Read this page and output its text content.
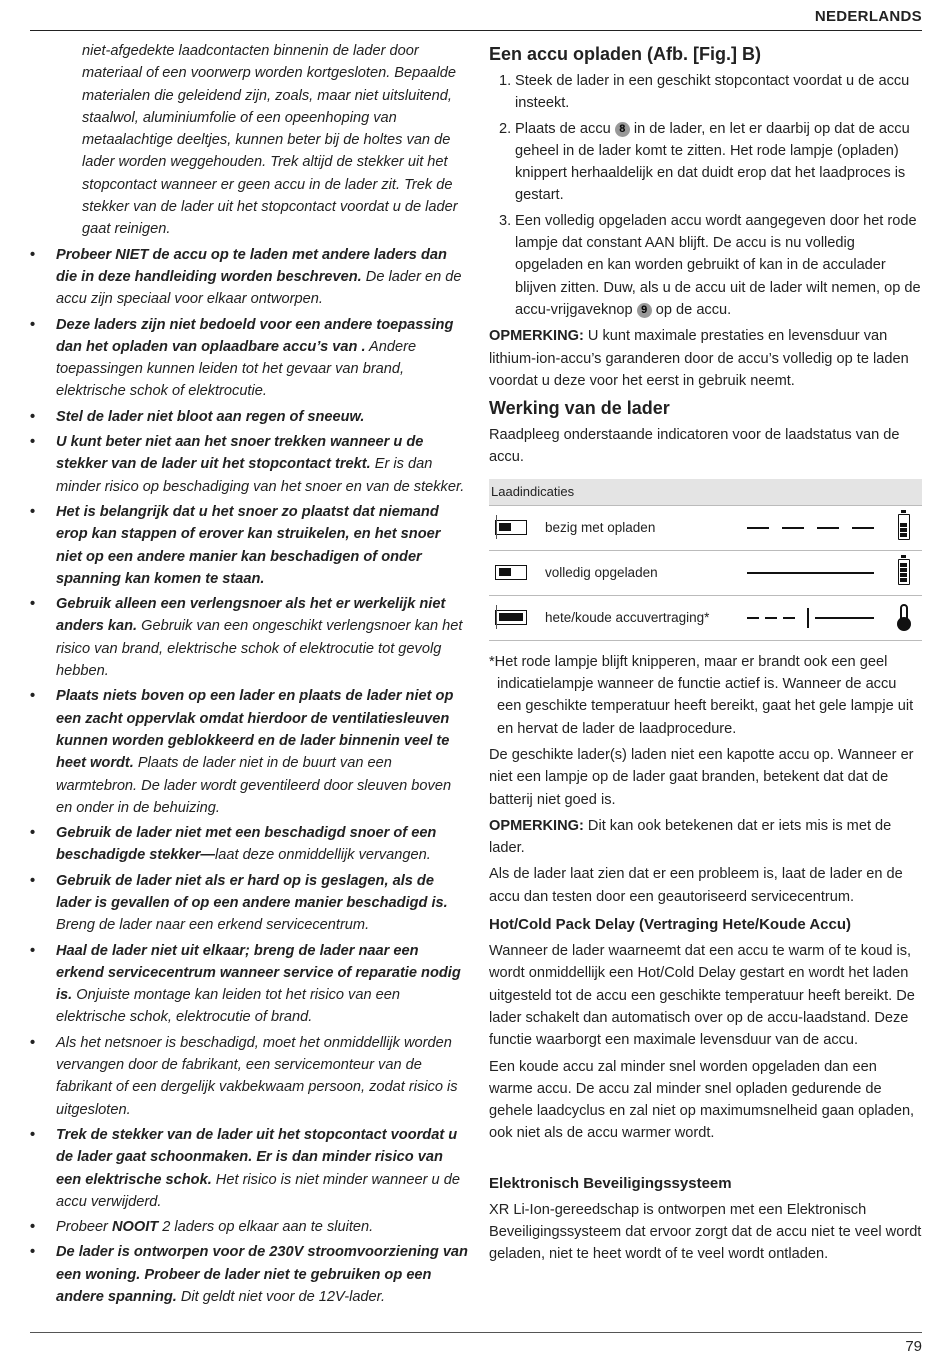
NEDERLANDS

niet-afgedekte laadcontacten binnenin de lader door materiaal of een voorwerp worden kortgesloten. Bepaalde materialen die geleidend zijn, zoals, maar niet uitsluitend, staalwol, aluminiumfolie of een opeenhoping van metaalachtige deeltjes, kunnen beter bij de holtes van de lader worden weggehouden. Trek altijd de stekker uit het stopcontact wanneer er geen accu in de lader zit. Trek de stekker van de lader uit het stopcontact voordat u de lader gaat reinigen.

• Probeer NIET de accu op te laden met andere laders dan die in deze handleiding worden beschreven. De lader en de accu zijn speciaal voor elkaar ontworpen.
• Deze laders zijn niet bedoeld voor een andere toepassing dan het opladen van oplaadbare accu’s van . Andere toepassingen kunnen leiden tot het gevaar van brand, elektrische schok of elektrocutie.
• Stel de lader niet bloot aan regen of sneeuw.
• U kunt beter niet aan het snoer trekken wanneer u de stekker van de lader uit het stopcontact trekt. Er is dan minder risico op beschadiging van het snoer en van de stekker.
• Het is belangrijk dat u het snoer zo plaatst dat niemand erop kan stappen of erover kan struikelen, en het snoer niet op een andere manier kan beschadigen of onder spanning kan komen te staan.
• Gebruik alleen een verlengsnoer als het er werkelijk niet anders kan. Gebruik van een ongeschikt verlengsnoer kan het risico van brand, elektrische schok of elektrocutie tot gevolg hebben.
• Plaats niets boven op een lader en plaats de lader niet op een zacht oppervlak omdat hierdoor de ventilatiesleuven kunnen worden geblokkeerd en de lader binnenin veel te heet wordt. Plaats de lader niet in de buurt van een warmtebron. De lader wordt geventileerd door sleuven boven en onder in de behuizing.
• Gebruik de lader niet met een beschadigd snoer of een beschadigde stekker—laat deze onmiddellijk vervangen.
• Gebruik de lader niet als er hard op is geslagen, als de lader is gevallen of op een andere manier beschadigd is. Breng de lader naar een erkend servicecentrum.
• Haal de lader niet uit elkaar; breng de lader naar een erkend servicecentrum wanneer service of reparatie nodig is. Onjuiste montage kan leiden tot het risico van een elektrische schok, elektrocutie of brand.
• Als het netsnoer is beschadigd, moet het onmiddellijk worden vervangen door de fabrikant, een servicemonteur van de fabrikant of een dergelijk vakbekwaam persoon, zodat risico is uitgesloten.
• Trek de stekker van de lader uit het stopcontact voordat u de lader gaat schoonmaken. Er is dan minder risico van een elektrische schok. Het risico is niet minder wanneer u de accu verwijderd.
• Probeer NOOIT 2 laders op elkaar aan te sluiten.
• De lader is ontworpen voor de 230V stroomvoorziening van een woning. Probeer de lader niet te gebruiken op een andere spanning. Dit geldt niet voor de 12V-lader.
Een accu opladen (Afb. [Fig.] B)
1. Steek de lader in een geschikt stopcontact voordat u de accu insteekt.
2. Plaats de accu 8 in de lader, en let er daarbij op dat de accu geheel in de lader komt te zitten. Het rode lampje (opladen) knippert herhaaldelijk en dat duidt erop dat het laadproces is gestart.
3. Een volledig opgeladen accu wordt aangegeven door het rode lampje dat constant AAN blijft. De accu is nu volledig opgeladen en kan worden gebruikt of kan in de acculader blijven zitten. Duw, als u de accu uit de lader wilt nemen, op de accu-vrijgaveknop 9 op de accu.

OPMERKING: U kunt maximale prestaties en levensduur van lithium-ion-accu’s garanderen door de accu’s volledig op te laden voordat u deze voor het eerst in gebruik neemt.

Werking van de lader

Raadpleeg onderstaande indicatoren voor de laadstatus van de accu.

Laadindicaties
bezig met opladen
volledig opgeladen
hete/koude accuvertraging*

*Het rode lampje blijft knipperen, maar er brandt ook een geel indicatielampje wanneer de functie actief is. Wanneer de accu een geschikte temperatuur heeft bereikt, gaat het gele lampje uit en hervat de lader de laadprocedure.

De geschikte lader(s) laden niet een kapotte accu op. Wanneer er niet een lampje op de lader gaat branden, betekent dat dat de batterij niet goed is.

OPMERKING: Dit kan ook betekenen dat er iets mis is met de lader.

Als de lader laat zien dat er een probleem is, laat de lader en de accu dan testen door een geautoriseerd servicecentrum.

Hot/Cold Pack Delay (Vertraging Hete/Koude Accu)

Wanneer de lader waarneemt dat een accu te warm of te koud is, wordt onmiddellijk een Hot/Cold Delay gestart en wordt het laden uitgesteld tot de accu een geschikte temperatuur heeft bereikt. De lader schakelt dan automatisch over op de accu-laadstand. Deze functie waarborgt een maximale levensduur van de accu.

Een koude accu zal minder snel worden opgeladen dan een warme accu. De accu zal minder snel opladen gedurende de gehele laadcyclus en zal niet op maximumsnelheid gaan opladen, ook niet als de accu warmer wordt.

Elektronisch Beveiligingssysteem

XR Li-Ion-gereedschap is ontworpen met een Elektronisch Beveiligingssysteem dat ervoor zorgt dat de accu niet te veel wordt geladen, niet te heet wordt of te veel wordt ontladen.

79
